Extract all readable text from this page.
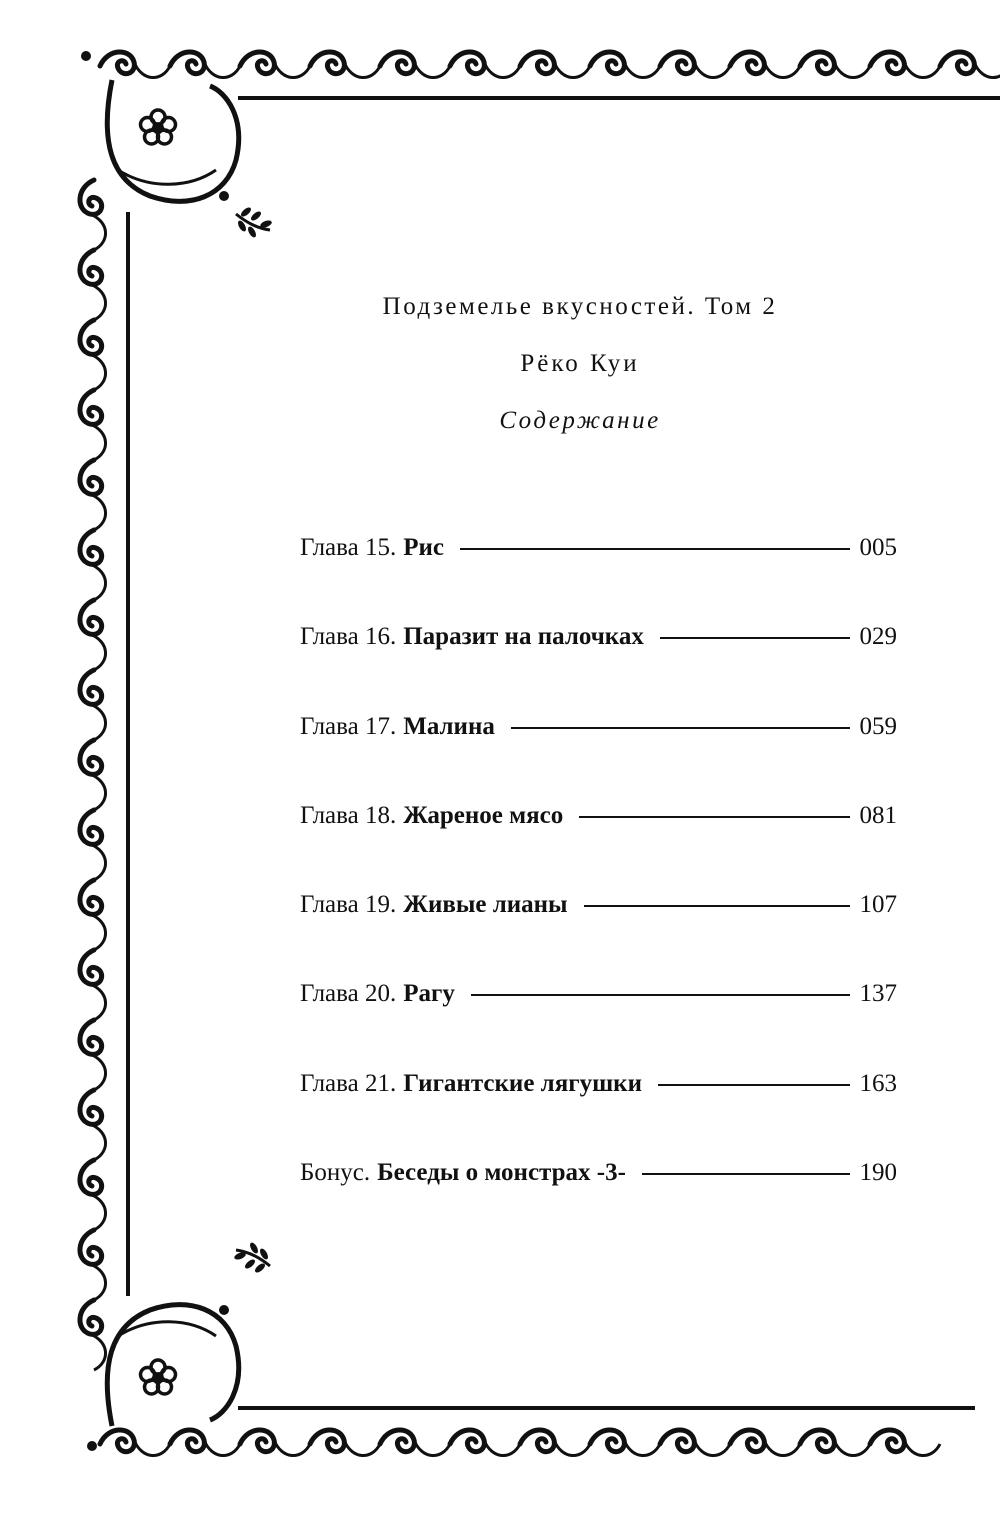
Подземелье вкусностей. Том 2
Рёко Куи
Содержание
Глава 15. Рис	005
Глава 16. Паразит на палочках	029
Глава 17. Малина	059
Глава 18. Жареное мясо	081
Глава 19. Живые лианы	107
Глава 20. Рагу	137
Глава 21. Гигантские лягушки	163
Бонус. Беседы о монстрах -3-	190
